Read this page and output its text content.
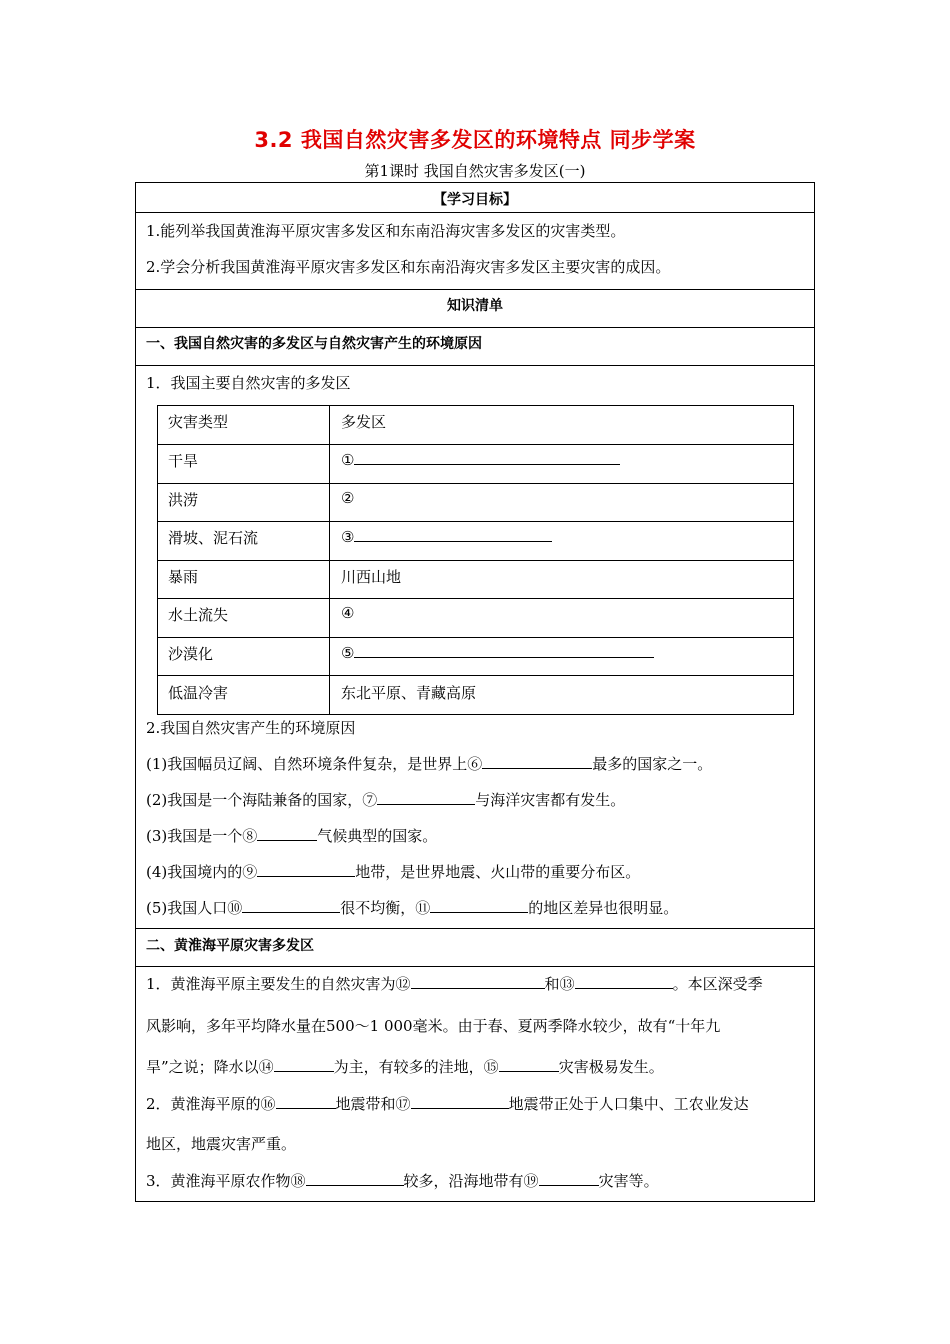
3.2 我国自然灾害多发区的环境特点 同步学案
第1课时 我国自然灾害多发区(一)
【学习目标】
1.能列举我国黄淮海平原灾害多发区和东南沿海灾害多发区的灾害类型。
2.学会分析我国黄淮海平原灾害多发区和东南沿海灾害多发区主要灾害的成因。
知识清单
一、我国自然灾害的多发区与自然灾害产生的环境原因
1．我国主要自然灾害的多发区
灾害类型	多发区
干旱	①
洪涝	②
滑坡、泥石流	③
暴雨	川西山地
水土流失	④
沙漠化	⑤
低温冷害	东北平原、青藏高原
2.我国自然灾害产生的环境原因
(1)我国幅员辽阔、自然环境条件复杂，是世界上⑥	最多的国家之一。
(2)我国是一个海陆兼备的国家，⑦	与海洋灾害都有发生。
(3)我国是一个⑧	气候典型的国家。
(4)我国境内的⑨	地带，是世界地震、火山带的重要分布区。
(5)我国人口⑩	很不均衡，⑪	的地区差异也很明显。
二、黄淮海平原灾害多发区
1．黄淮海平原主要发生的自然灾害为⑫	和⑬	。本区深受季
风影响，多年平均降水量在500～1 000毫米。由于春、夏两季降水较少，故有“十年九
旱”之说；降水以⑭	为主，有较多的洼地，⑮	灾害极易发生。
2．黄淮海平原的⑯	地震带和⑰	地震带正处于人口集中、工农业发达
地区，地震灾害严重。
3．黄淮海平原农作物⑱	较多，沿海地带有⑲	灾害等。
